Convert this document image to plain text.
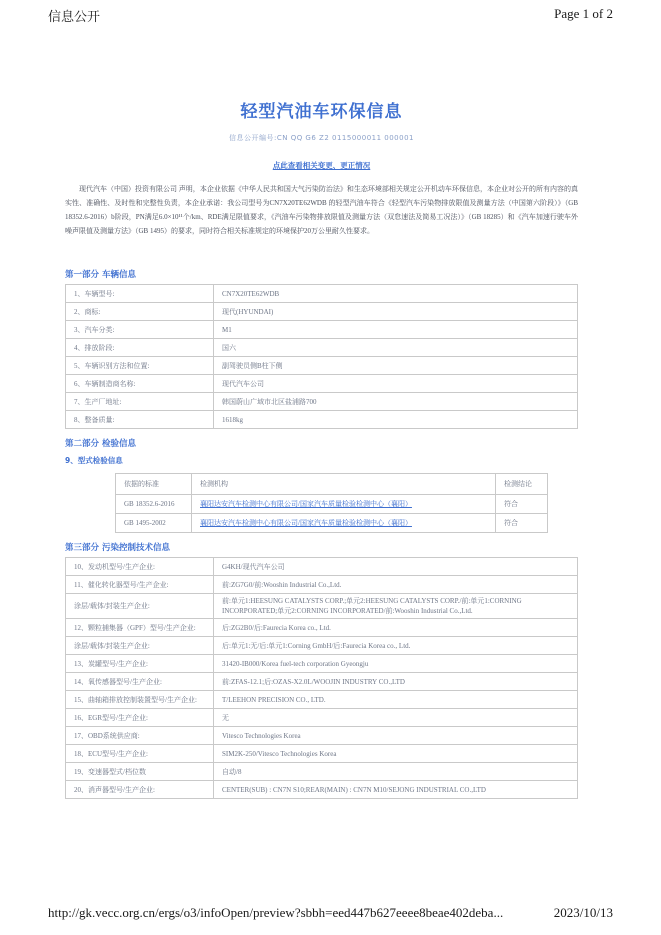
信息公开	Page 1 of 2
轻型汽油车环保信息
信息公开编号:CN QQ G6 Z2 0115000011 000001
点此查看相关变更、更正情况

现代汽车（中国）投资有限公司 声明，本企业依据《中华人民共和国大气污染防治法》和生态环境部相关规定公开机动车环保信息，本企业对公开的所有内容的真实性、准确性、及时性和完整性负责，本企业承诺：我公司型号为CN7X20TE62WDB 的轻型汽油车符合《轻型汽车污染物排放限值及测量方法（中国第六阶段）》（GB 18352.6-2016）b阶段，PN满足6.0×10¹¹个/km、RDE满足限值要求，《汽油车污染物排放限值及测量方法（双怠速法及简易工况法）》（GB 18285）和《汽车加速行驶车外噪声限值及测量方法》（GB 1495）的要求，同时符合相关标准规定的环境保护20万公里耐久性要求。

第一部分 车辆信息
1、车辆型号:	CN7X20TE62WDB
2、商标:	现代(HYUNDAI)
3、汽车分类:	M1
4、排放阶段:	国六
5、车辆识别方法和位置:	副驾驶员侧B柱下侧
6、车辆制造商名称:	现代汽车公司
7、生产厂地址:	韩国蔚山广域市北区盐浦路700
8、整备质量:	1618kg
第二部分 检验信息
9、型式检验信息
依据的标准	检测机构	检测结论
GB 18352.6-2016	襄阳达安汽车检测中心有限公司/国家汽车质量检验检测中心（襄阳）	符合
GB 1495-2002	襄阳达安汽车检测中心有限公司/国家汽车质量检验检测中心（襄阳）	符合
第三部分 污染控制技术信息
10、发动机型号/生产企业:	G4KH/现代汽车公司
11、催化转化器型号/生产企业:	前:ZG7G0/前:Wooshin Industrial Co.,Ltd.
涂层/载体/封装生产企业:	前:单元1:HEESUNG CATALYSTS CORP.;单元2:HEESUNG CATALYSTS CORP./前:单元1:CORNING INCORPORATED;单元2:CORNING INCORPORATED/前:Wooshin Industrial Co.,Ltd.
12、颗粒捕集器（GPF）型号/生产企业:	后:ZG2B0/后:Faurecia Korea co., Ltd.
涂层/载体/封装生产企业:	后:单元1:无/后:单元1:Corning GmbH/后:Faurecia Korea co., Ltd.
13、炭罐型号/生产企业:	31420-IB000/Korea fuel-tech corporation Gyeongju
14、氧传感器型号/生产企业:	前:ZFAS-12.1;后:OZAS-X2.0L/WOOJIN INDUSTRY CO.,LTD
15、曲轴箱排放控制装置型号/生产企业:	T/LEEHON PRECISION CO., LTD.
16、EGR型号/生产企业:	无
17、OBD系统供应商:	Vitesco Technologies Korea
18、ECU型号/生产企业:	SIM2K-250/Vitesco Technologies Korea
19、变速器型式/档位数	自动/8
20、消声器型号/生产企业:	CENTER(SUB) : CN7N S10;REAR(MAIN) : CN7N M10/SEJONG INDUSTRIAL CO.,LTD
http://gk.vecc.org.cn/ergs/o3/infoOpen/preview?sbbh=eed447b627eeee8beae402deba...	2023/10/13
